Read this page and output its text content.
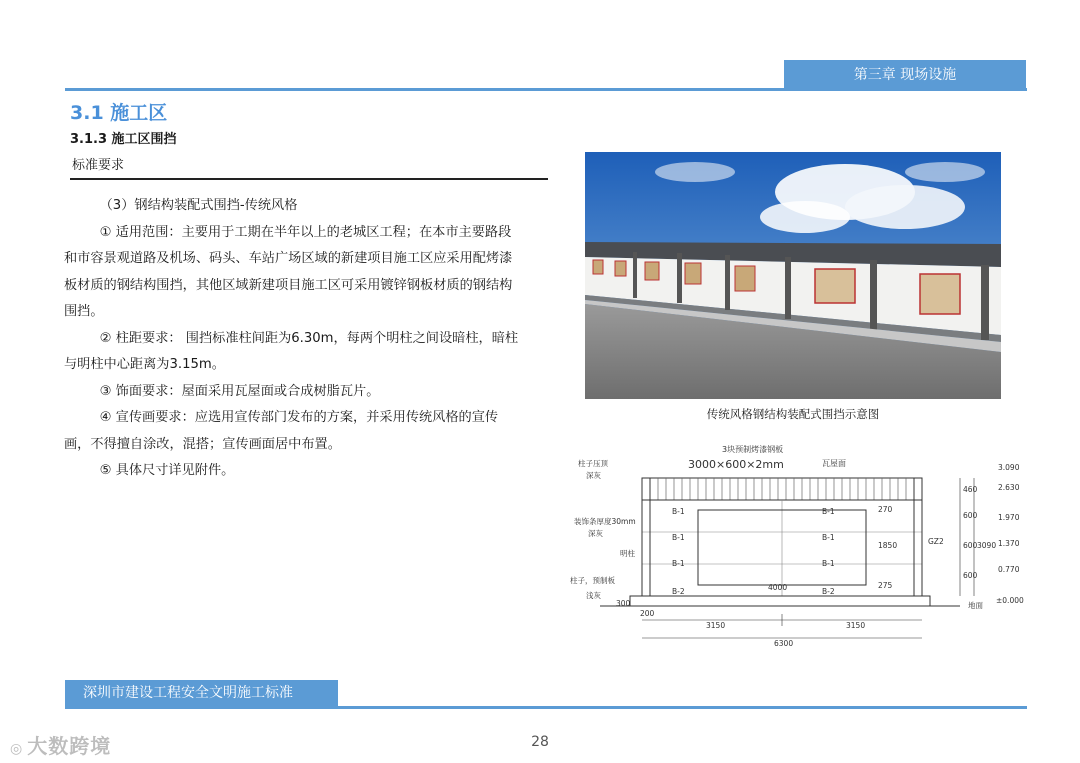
第三章 现场设施
3.1 施工区
3.1.3 施工区围挡
标准要求

（3）钢结构装配式围挡-传统风格

① 适用范围：主要用于工期在半年以上的老城区工程；在本市主要路段和市容景观道路及机场、码头、车站广场区域的新建项目施工区应采用配烤漆板材质的钢结构围挡，其他区域新建项目施工区可采用镀锌钢板材质的钢结构围挡。

② 柱距要求： 围挡标准柱间距为6.30m，每两个明柱之间设暗柱，暗柱与明柱中心距离为3.15m。

③ 饰面要求：屋面采用瓦屋面或合成树脂瓦片。

④ 宣传画要求：应选用宣传部门发布的方案，并采用传统风格的宣传画，不得擅自涂改，混搭；宣传画面居中布置。

⑤ 具体尺寸详见附件。

传统风格钢结构装配式围挡示意图
B-1	B-1
B-1	B-1
B-1	B-1
B-2	B-2
3块预制烤漆钢板
3000×600×2mm	瓦屋面
柱子压顶
深灰
装饰条厚度30mm
深灰
明柱
柱子，预制板
浅灰
地面
GZ2
3150	3150
6300
4000
200
300
1850
270
275
460
600
600
600
3090
3.090
2.630
1.970
1.370
0.770
±0.000
深圳市建设工程安全文明施工标准
28
◎ 大数跨境
